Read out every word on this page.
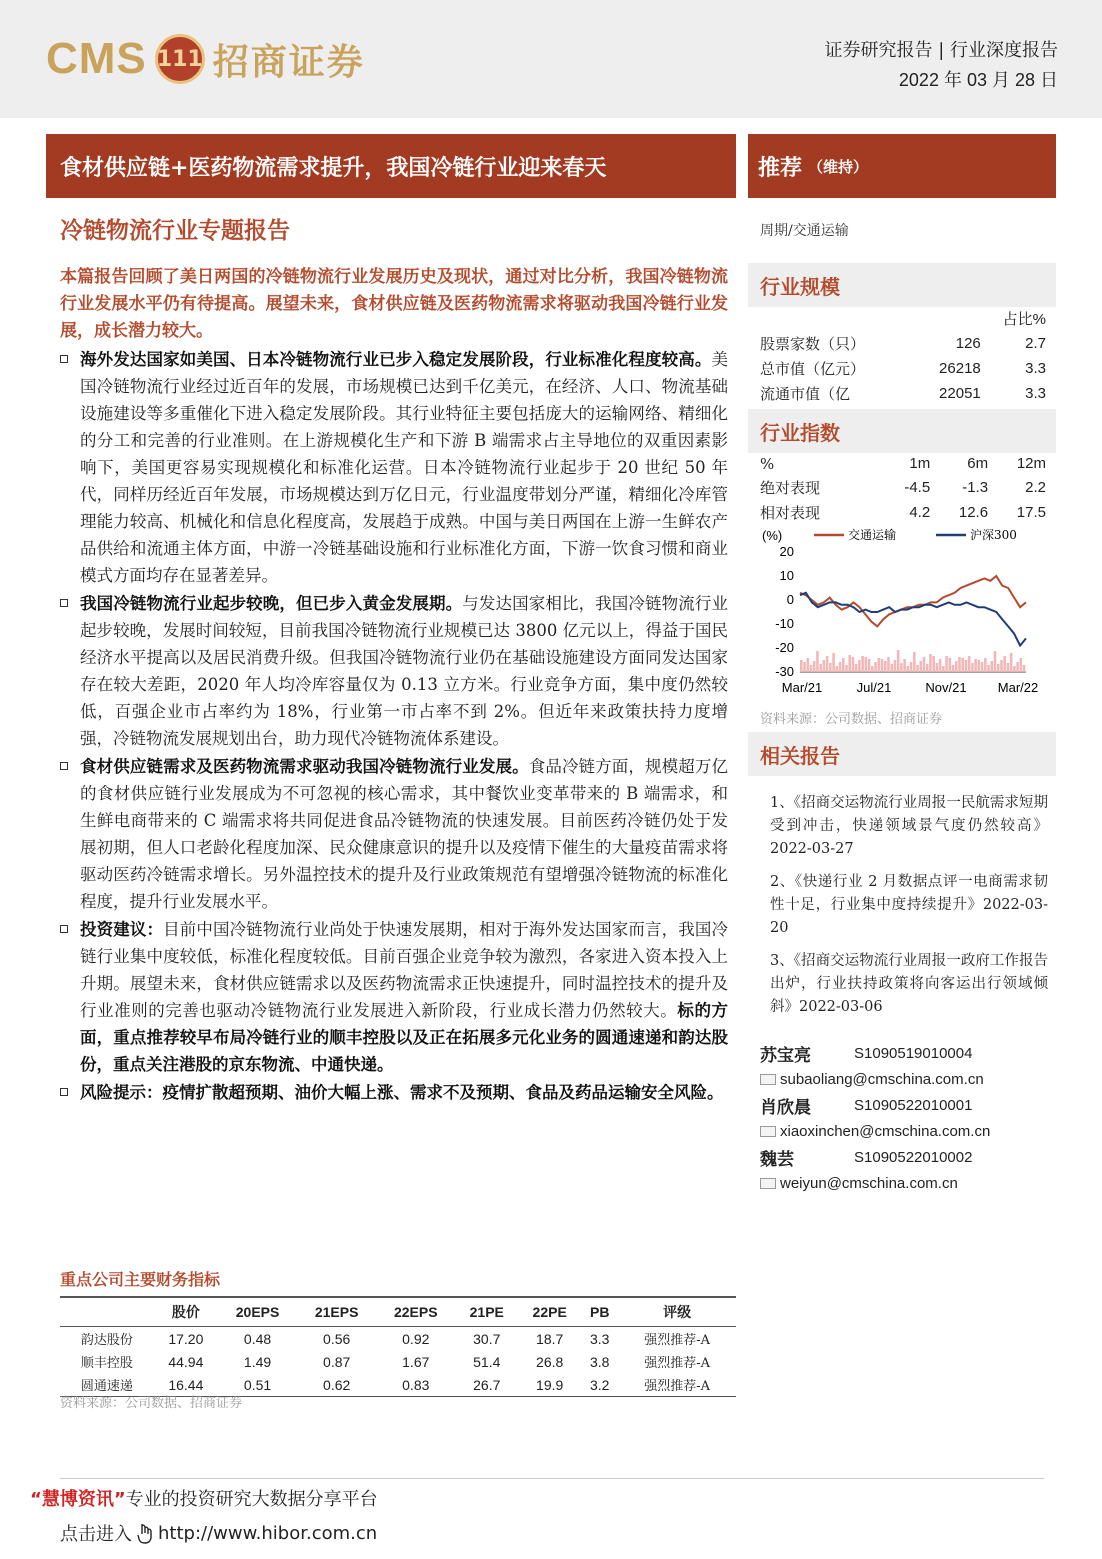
CMS 111 招商证券	证券研究报告 | 行业深度报告
2022 年 03 月 28 日
食材供应链+医药物流需求提升，我国冷链行业迎来春天	推荐 （维持）
冷链物流行业专题报告	周期/交通运输
本篇报告回顾了美日两国的冷链物流行业发展历史及现状，通过对比分析，我国冷链物流行业发展水平仍有待提高。展望未来，食材供应链及医药物流需求将驱动我国冷链行业发展，成长潜力较大。
海外发达国家如美国、日本冷链物流行业已步入稳定发展阶段，行业标准化程度较高。美国冷链物流行业经过近百年的发展，市场规模已达到千亿美元，在经济、人口、物流基础设施建设等多重催化下进入稳定发展阶段。其行业特征主要包括庞大的运输网络、精细化的分工和完善的行业准则。在上游规模化生产和下游 B 端需求占主导地位的双重因素影响下，美国更容易实现规模化和标准化运营。日本冷链物流行业起步于 20 世纪 50 年代，同样历经近百年发展，市场规模达到万亿日元，行业温度带划分严谨，精细化冷库管理能力较高、机械化和信息化程度高，发展趋于成熟。中国与美日两国在上游一生鲜农产品供给和流通主体方面，中游一冷链基础设施和行业标准化方面，下游一饮食习惯和商业模式方面均存在显著差异。
我国冷链物流行业起步较晚，但已步入黄金发展期。与发达国家相比，我国冷链物流行业起步较晚，发展时间较短，目前我国冷链物流行业规模已达 3800 亿元以上，得益于国民经济水平提高以及居民消费升级。但我国冷链物流行业仍在基础设施建设方面同发达国家存在较大差距，2020 年人均冷库容量仅为 0.13 立方米。行业竞争方面，集中度仍然较低，百强企业市占率约为 18%，行业第一市占率不到 2%。但近年来政策扶持力度增强，冷链物流发展规划出台，助力现代冷链物流体系建设。
食材供应链需求及医药物流需求驱动我国冷链物流行业发展。食品冷链方面，规模超万亿的食材供应链行业发展成为不可忽视的核心需求，其中餐饮业变革带来的 B 端需求，和生鲜电商带来的 C 端需求将共同促进食品冷链物流的快速发展。目前医药冷链仍处于发展初期，但人口老龄化程度加深、民众健康意识的提升以及疫情下催生的大量疫苗需求将驱动医药冷链需求增长。另外温控技术的提升及行业政策规范有望增强冷链物流的标准化程度，提升行业发展水平。
投资建议：目前中国冷链物流行业尚处于快速发展期，相对于海外发达国家而言，我国冷链行业集中度较低，标准化程度较低。目前百强企业竞争较为激烈，各家进入资本投入上升期。展望未来，食材供应链需求以及医药物流需求正快速提升，同时温控技术的提升及行业准则的完善也驱动冷链物流行业发展进入新阶段，行业成长潜力仍然较大。标的方面，重点推荐较早布局冷链行业的顺丰控股以及正在拓展多元化业务的圆通速递和韵达股份，重点关注港股的京东物流、中通快递。
风险提示：疫情扩散超预期、油价大幅上涨、需求不及预期、食品及药品运输安全风险。
行业规模
		占比%
股票家数（只）	126	2.7
总市值（亿元）	26218	3.3
流通市值（亿	22051	3.3
行业指数
%	1m	6m	12m
绝对表现	-4.5	-1.3	2.2
相对表现	4.2	12.6	17.5
(%)	交通运输	沪深300
20
10
0
-10
-20
-30
Mar/21	Jul/21	Nov/21 Mar/22
资料来源：公司数据、招商证券
相关报告
1、《招商交运物流行业周报一民航需求短期受到冲击，快递领域景气度仍然较高》2022-03-27
2、《快递行业 2 月数据点评一电商需求韧性十足，行业集中度持续提升》2022-03-20
3、《招商交运物流行业周报一政府工作报告出炉，行业扶持政策将向客运出行领域倾斜》2022-03-06
苏宝亮	S1090519010004
subaoliang@cmschina.com.cn
肖欣晨	S1090522010001
xiaoxinchen@cmschina.com.cn
魏芸	S1090522010002
weiyun@cmschina.com.cn
重点公司主要财务指标
	股价	20EPS	21EPS	22EPS	21PE	22PE	PB	评级
韵达股份	17.20	0.48	0.56	0.92	30.7	18.7	3.3	强烈推荐-A
顺丰控股	44.94	1.49	0.87	1.67	51.4	26.8	3.8	强烈推荐-A
圆通速递	16.44	0.51	0.62	0.83	26.7	19.9	3.2	强烈推荐-A
资料来源：公司数据、招商证券
“慧博资讯”专业的投资研究大数据分享平台
点击进入 http://www.hibor.com.cn
